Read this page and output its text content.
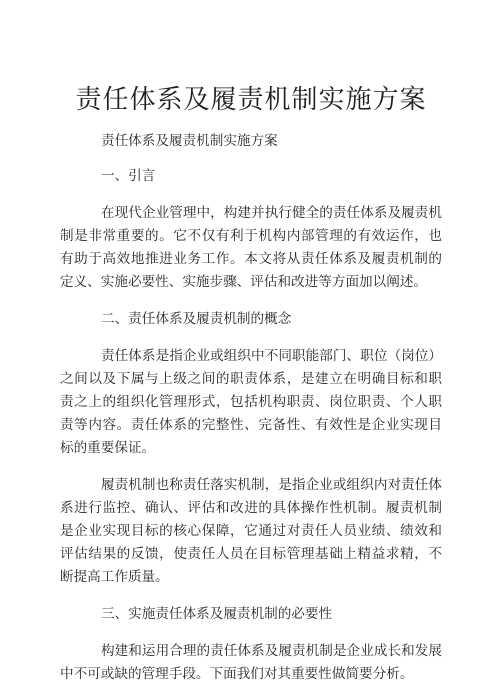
责任体系及履责机制实施方案
责任体系及履责机制实施方案
一、引言
在现代企业管理中，构建并执行健全的责任体系及履责机
制是非常重要的。它不仅有利于机构内部管理的有效运作，也
有助于高效地推进业务工作。本文将从责任体系及履责机制的
定义、实施必要性、实施步骤、评估和改进等方面加以阐述。
二、责任体系及履责机制的概念
责任体系是指企业或组织中不同职能部门、职位（岗位）
之间以及下属与上级之间的职责体系，是建立在明确目标和职
责之上的组织化管理形式，包括机构职责、岗位职责、个人职
责等内容。责任体系的完整性、完备性、有效性是企业实现目
标的重要保证。
履责机制也称责任落实机制，是指企业或组织内对责任体
系进行监控、确认、评估和改进的具体操作性机制。履责机制
是企业实现目标的核心保障，它通过对责任人员业绩、绩效和
评估结果的反馈，使责任人员在目标管理基础上精益求精，不
断提高工作质量。
三、实施责任体系及履责机制的必要性
构建和运用合理的责任体系及履责机制是企业成长和发展
中不可或缺的管理手段。下面我们对其重要性做简要分析。
